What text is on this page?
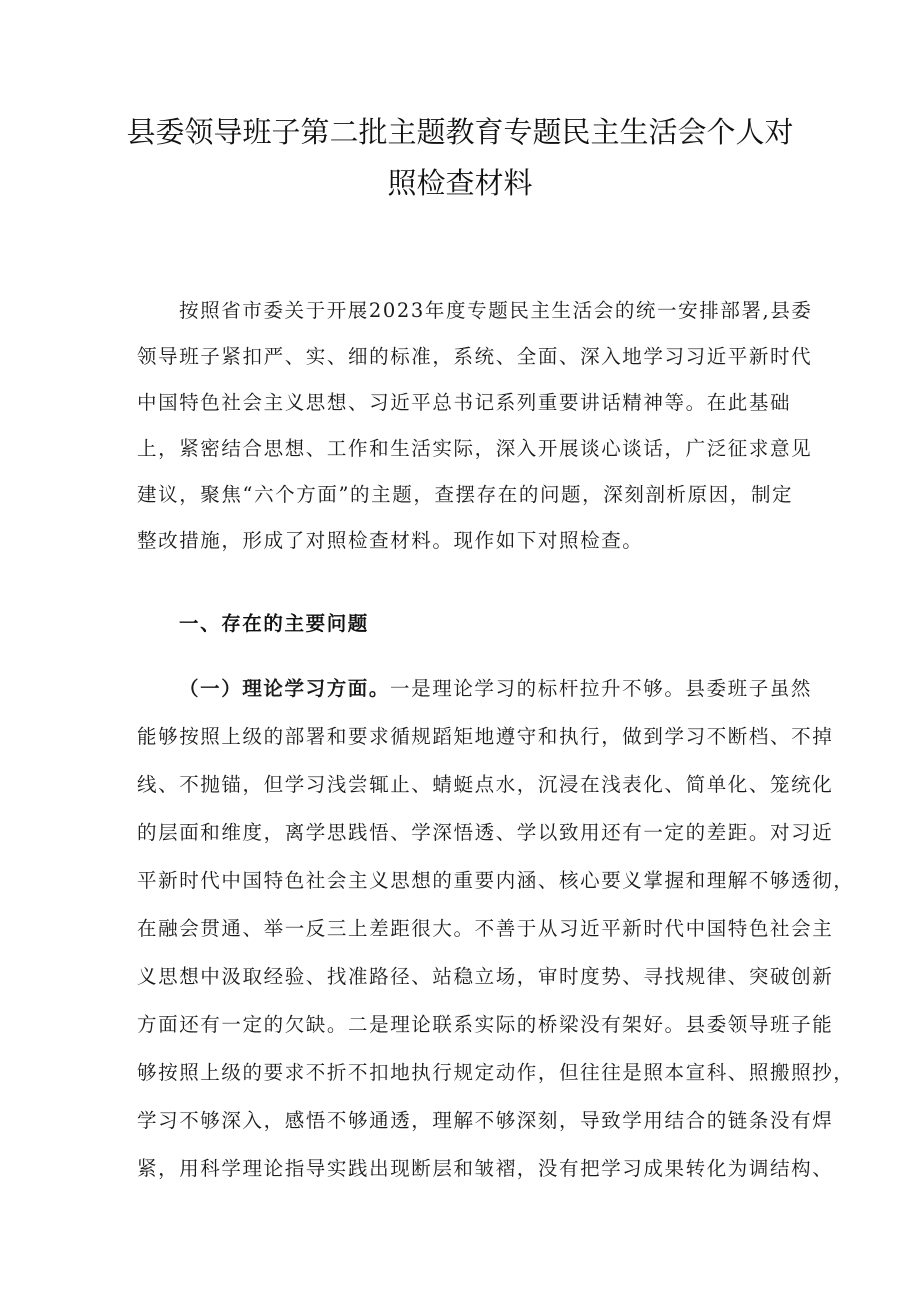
县委领导班子第二批主题教育专题民主生活会个人对
照检查材料
按照省市委关于开展2023年度专题民主生活会的统一安排部署,县委
领导班子紧扣严、实、细的标准，系统、全面、深入地学习习近平新时代
中国特色社会主义思想、习近平总书记系列重要讲话精神等。在此基础
上，紧密结合思想、工作和生活实际，深入开展谈心谈话，广泛征求意见
建议，聚焦“六个方面”的主题，查摆存在的问题，深刻剖析原因，制定
整改措施，形成了对照检查材料。现作如下对照检查。
一、存在的主要问题
（一）理论学习方面。一是理论学习的标杆拉升不够。县委班子虽然
能够按照上级的部署和要求循规蹈矩地遵守和执行，做到学习不断档、不掉
线、不抛锚，但学习浅尝辄止、蜻蜓点水，沉浸在浅表化、简单化、笼统化
的层面和维度，离学思践悟、学深悟透、学以致用还有一定的差距。对习近
平新时代中国特色社会主义思想的重要内涵、核心要义掌握和理解不够透彻，
在融会贯通、举一反三上差距很大。不善于从习近平新时代中国特色社会主
义思想中汲取经验、找准路径、站稳立场，审时度势、寻找规律、突破创新
方面还有一定的欠缺。二是理论联系实际的桥梁没有架好。县委领导班子能
够按照上级的要求不折不扣地执行规定动作，但往往是照本宣科、照搬照抄，
学习不够深入，感悟不够通透，理解不够深刻，导致学用结合的链条没有焊
紧，用科学理论指导实践出现断层和皱褶，没有把学习成果转化为调结构、
